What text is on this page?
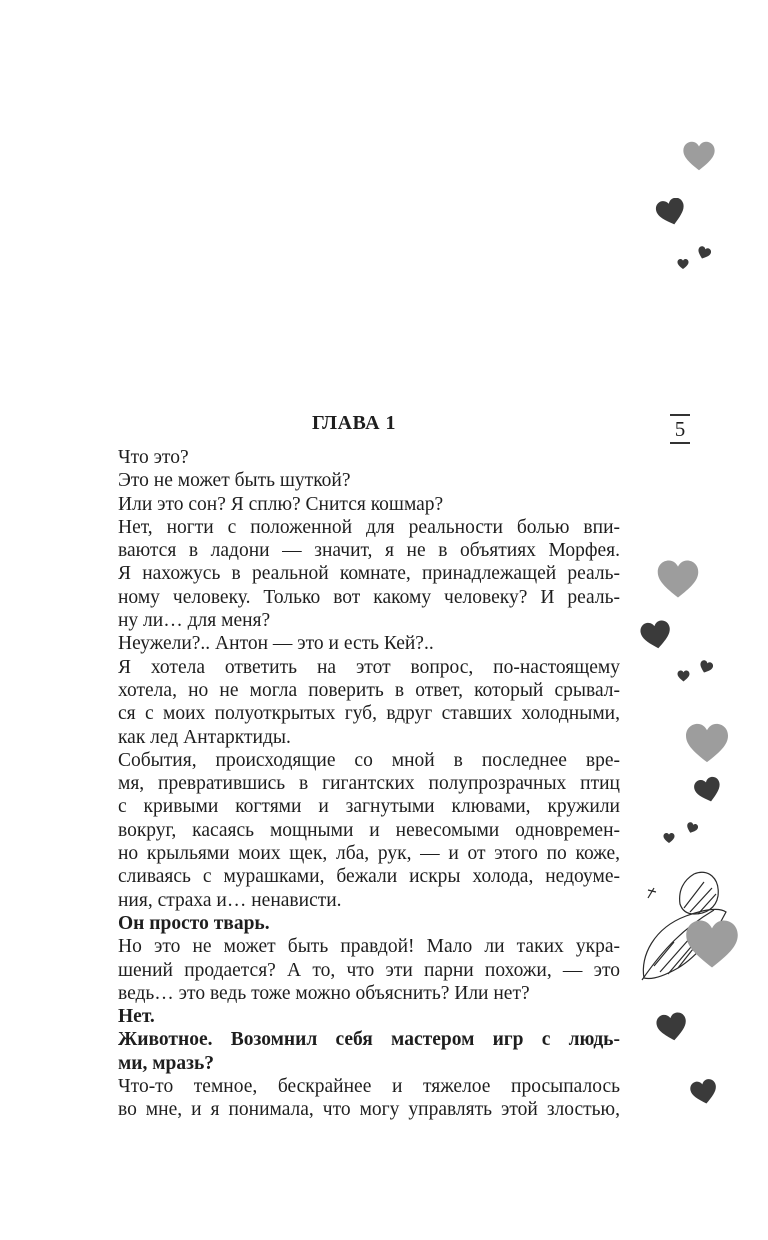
ГЛАВА 1	5

Что это?

Это не может быть шуткой?

Или это сон? Я сплю? Снится кошмар?

Нет, ногти с положенной для реальности болью впи-

ваются в ладони — значит, я не в объятиях Морфея.

Я нахожусь в реальной комнате, принадлежащей реаль-

ному человеку. Только вот какому человеку? И реаль-

ну ли… для меня?

Неужели?.. Антон — это и есть Кей?..

Я хотела ответить на этот вопрос, по-настоящему

хотела, но не могла поверить в ответ, который срывал-

ся с моих полуоткрытых губ, вдруг ставших холодными,

как лед Антарктиды.

События, происходящие со мной в последнее вре-

мя, превратившись в гигантских полупрозрачных птиц

с кривыми когтями и загнутыми клювами, кружили

вокруг, касаясь мощными и невесомыми одновремен-

но крыльями моих щек, лба, рук, — и от этого по коже,

сливаясь с мурашками, бежали искры холода, недоуме-

ния, страха и… ненависти.

Он просто тварь.

Но это не может быть правдой! Мало ли таких укра-

шений продается? А то, что эти парни похожи, — это

ведь… это ведь тоже можно объяснить? Или нет?

Нет.

Животное. Возомнил себя мастером игр с людь-

ми, мразь?

Что-то темное, бескрайнее и тяжелое просыпалось

во мне, и я понимала, что могу управлять этой злостью,
